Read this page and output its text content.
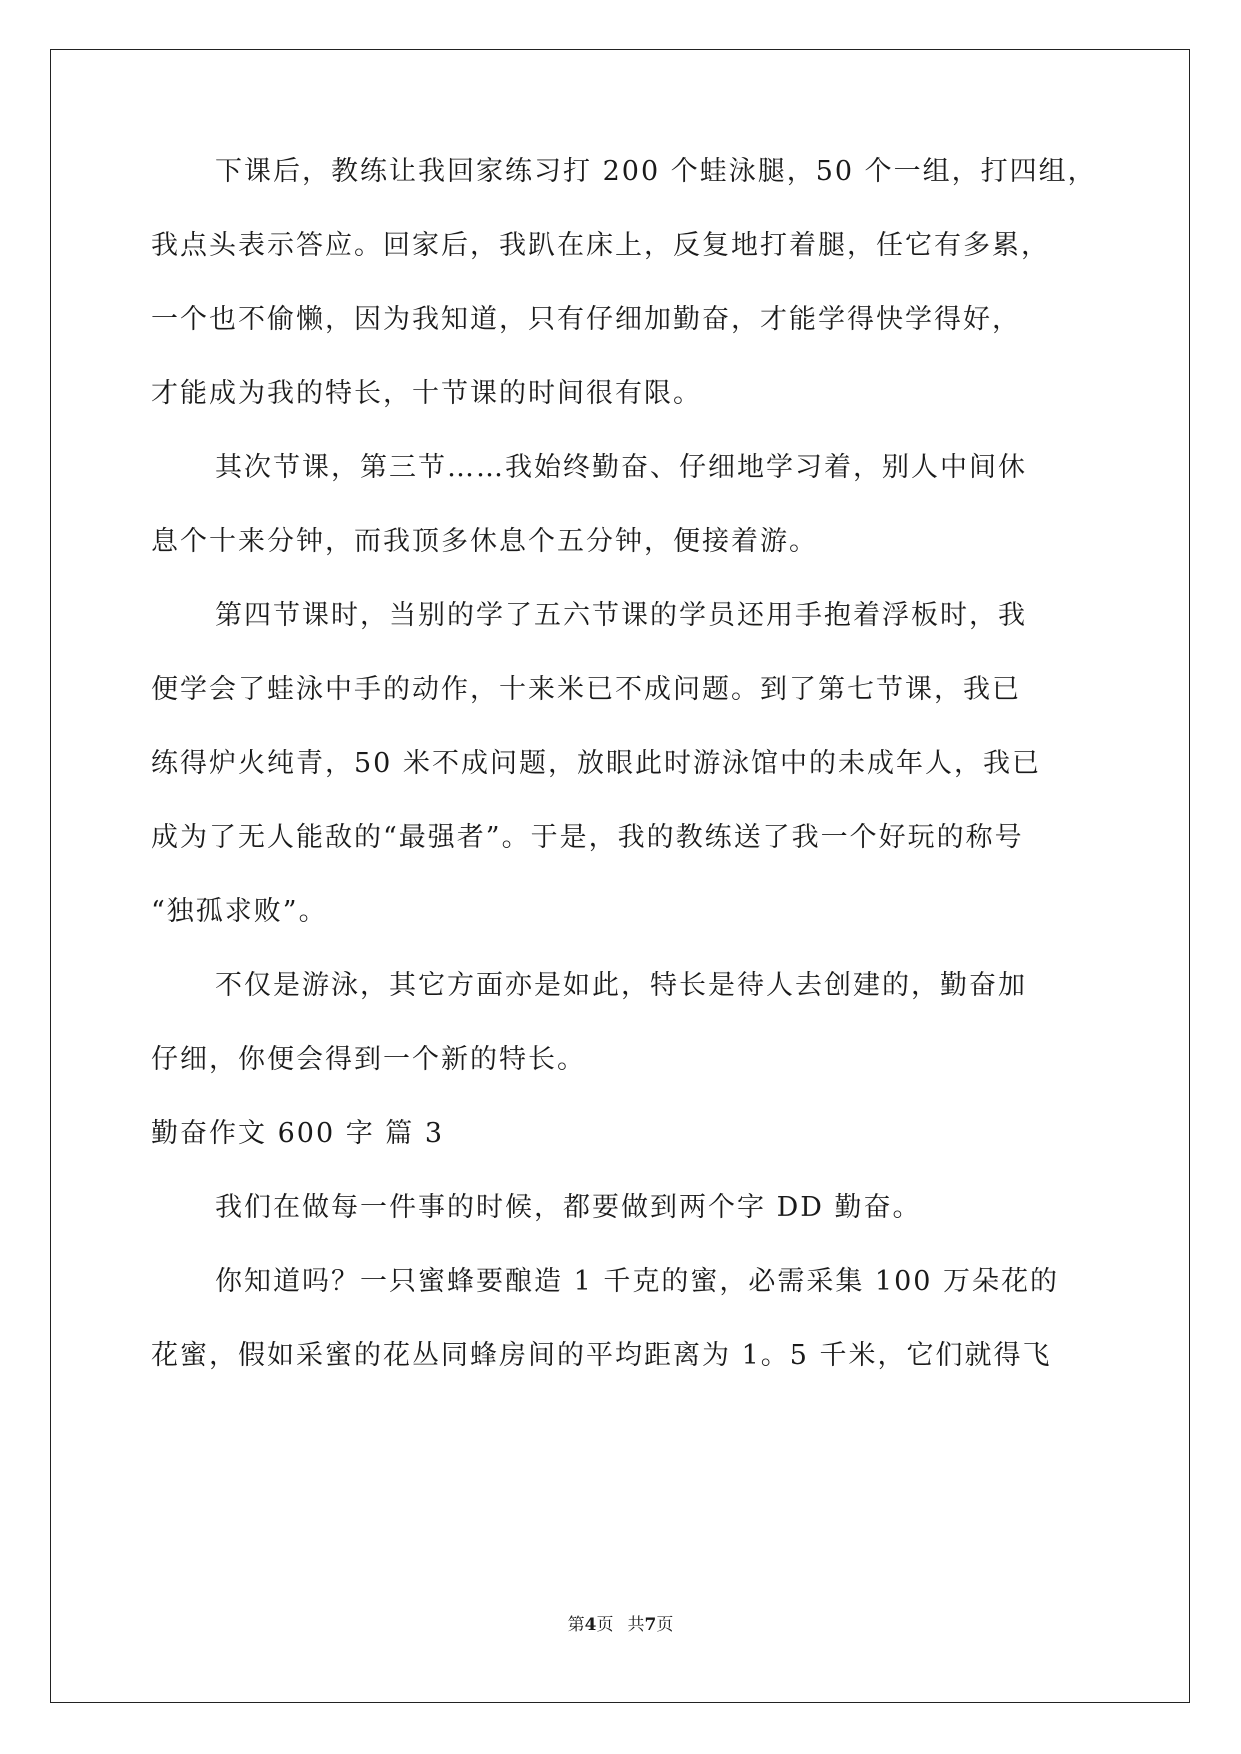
下课后，教练让我回家练习打 200 个蛙泳腿，50 个一组，打四组，
我点头表示答应。回家后，我趴在床上，反复地打着腿，任它有多累，
一个也不偷懒，因为我知道，只有仔细加勤奋，才能学得快学得好，
才能成为我的特长，十节课的时间很有限。
其次节课，第三节……我始终勤奋、仔细地学习着，别人中间休
息个十来分钟，而我顶多休息个五分钟，便接着游。
第四节课时，当别的学了五六节课的学员还用手抱着浮板时，我
便学会了蛙泳中手的动作，十来米已不成问题。到了第七节课，我已
练得炉火纯青，50 米不成问题，放眼此时游泳馆中的未成年人，我已
成为了无人能敌的“最强者”。于是，我的教练送了我一个好玩的称号
“独孤求败”。
不仅是游泳，其它方面亦是如此，特长是待人去创建的，勤奋加
仔细，你便会得到一个新的特长。
勤奋作文 600 字 篇 3
我们在做每一件事的时候，都要做到两个字 DD 勤奋。
你知道吗？一只蜜蜂要酿造 1 千克的蜜，必需采集 100 万朵花的
花蜜，假如采蜜的花丛同蜂房间的平均距离为 1。5 千米，它们就得飞
第4页 共7页
